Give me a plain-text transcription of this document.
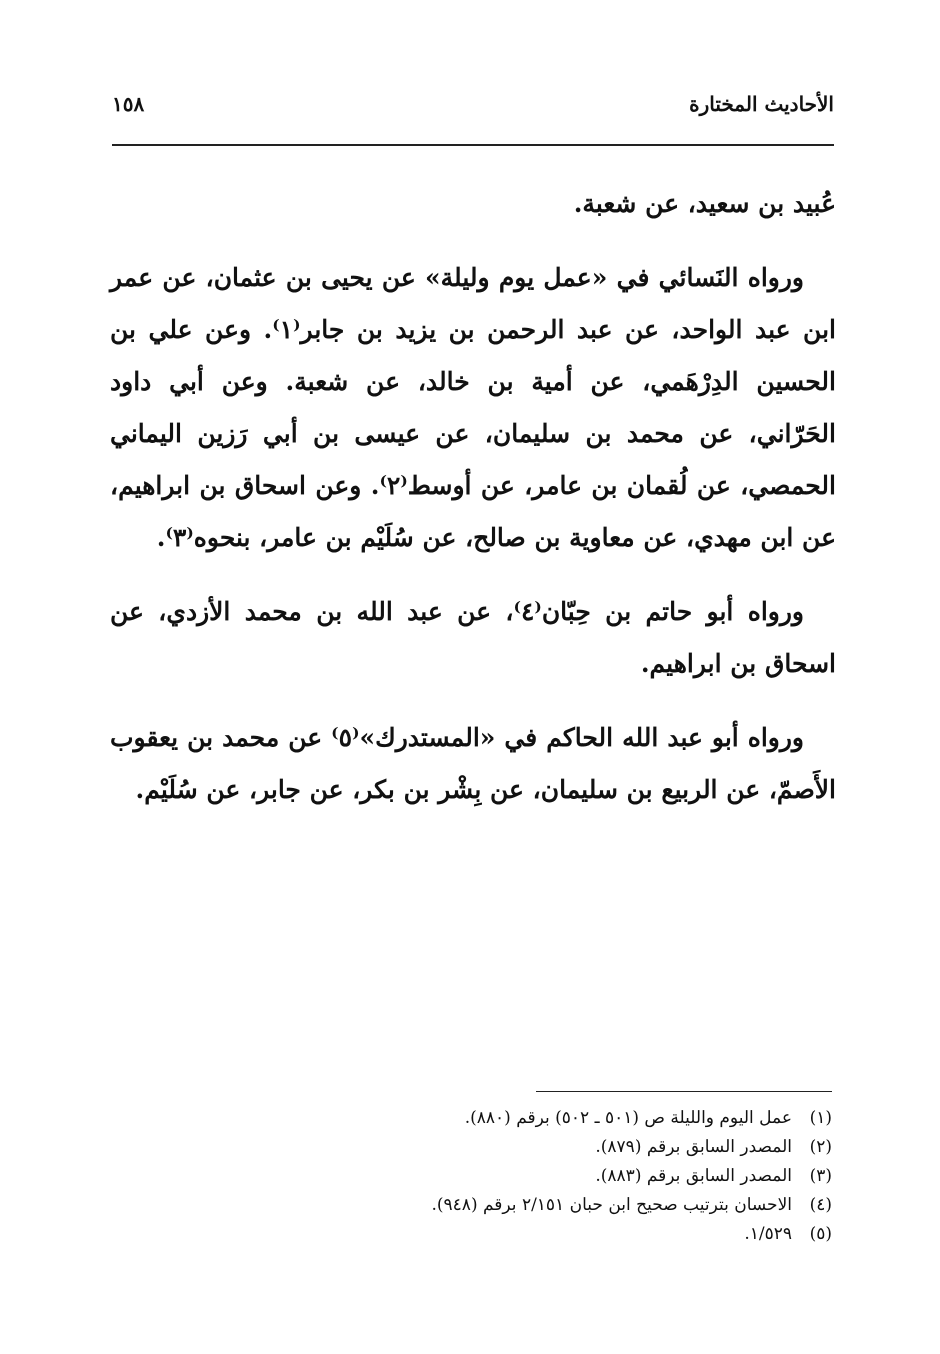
الأحاديث المختارة
١٥٨

عُبيد بن سعيد، عن شعبة.

ورواه النَسائي في «عمل يوم وليلة» عن يحيى بن عثمان، عن عمر ابن عبد الواحد، عن عبد الرحمن بن يزيد بن جابر⁽١⁾. وعن علي بن الحسين الدِرْهَمي، عن أمية بن خالد، عن شعبة. وعن أبي داود الحَرّاني، عن محمد بن سليمان، عن عيسى بن أبي رَزين اليماني الحمصي، عن لُقمان بن عامر، عن أوسط⁽٢⁾. وعن اسحاق بن ابراهيم، عن ابن مهدي، عن معاوية بن صالح، عن سُلَيْم بن عامر، بنحوه⁽٣⁾.

ورواه أبو حاتم بن حِبّان⁽٤⁾، عن عبد الله بن محمد الأزدي، عن اسحاق بن ابراهيم.

ورواه أبو عبد الله الحاكم في «المستدرك»⁽٥⁾ عن محمد بن يعقوب الأَصمّ، عن الربيع بن سليمان، عن بِشْر بن بكر، عن جابر، عن سُلَيْم.

(١)
عمل اليوم والليلة ص (٥٠١ ـ ٥٠٢) برقم (٨٨٠).
(٢)
المصدر السابق برقم (٨٧٩).
(٣)
المصدر السابق برقم (٨٨٣).
(٤)
الاحسان بترتيب صحيح ابن حبان ٢/١٥١ برقم (٩٤٨).
(٥)
١/٥٢٩.
